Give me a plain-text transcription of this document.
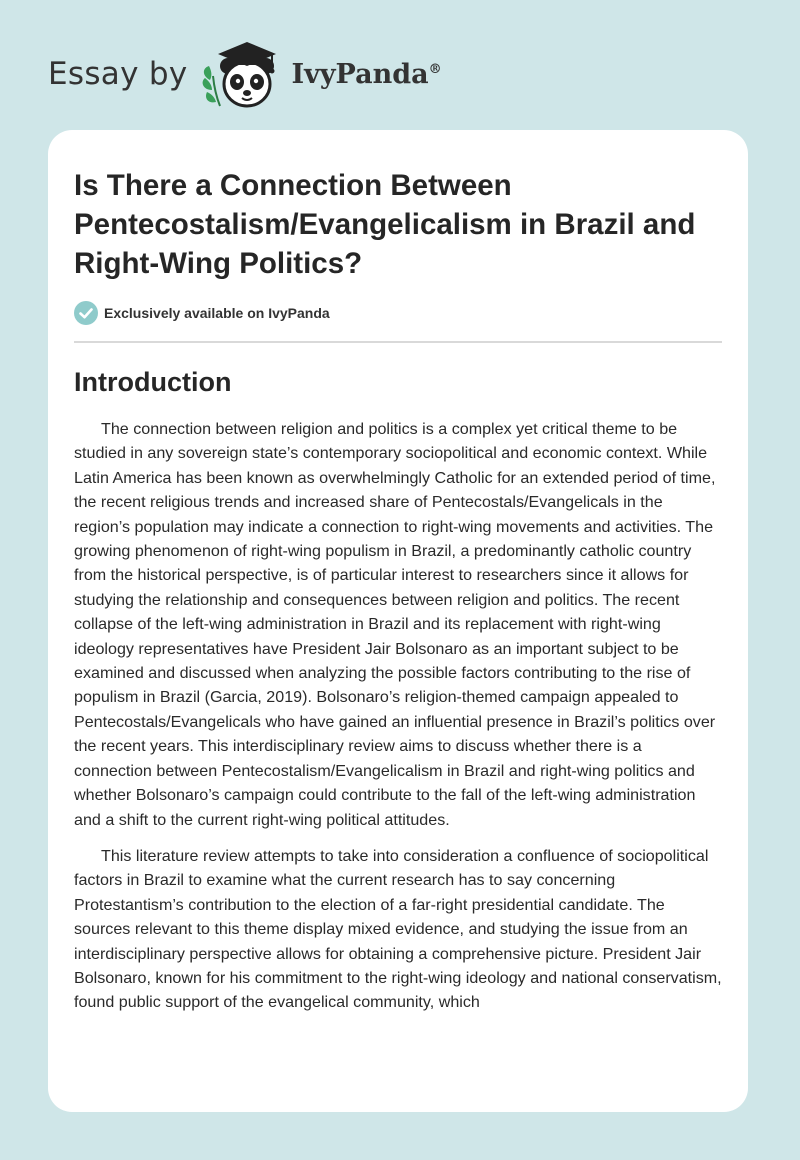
Essay by	IvyPanda®
Is There a Connection Between Pentecostalism/Evangelicalism in Brazil and Right-Wing Politics?
Exclusively available on IvyPanda
Introduction

The connection between religion and politics is a complex yet critical theme to be studied in any sovereign state’s contemporary sociopolitical and economic context. While Latin America has been known as overwhelmingly Catholic for an extended period of time, the recent religious trends and increased share of Pentecostals/Evangelicals in the region’s population may indicate a connection to right-wing movements and activities. The growing phenomenon of right-wing populism in Brazil, a predominantly catholic country from the historical perspective, is of particular interest to researchers since it allows for studying the relationship and consequences between religion and politics. The recent collapse of the left-wing administration in Brazil and its replacement with right-wing ideology representatives have President Jair Bolsonaro as an important subject to be examined and discussed when analyzing the possible factors contributing to the rise of populism in Brazil (Garcia, 2019). Bolsonaro’s religion-themed campaign appealed to Pentecostals/Evangelicals who have gained an influential presence in Brazil’s politics over the recent years. This interdisciplinary review aims to discuss whether there is a connection between Pentecostalism/Evangelicalism in Brazil and right-wing politics and whether Bolsonaro’s campaign could contribute to the fall of the left-wing administration and a shift to the current right-wing political attitudes.

This literature review attempts to take into consideration a confluence of sociopolitical factors in Brazil to examine what the current research has to say concerning Protestantism’s contribution to the election of a far-right presidential candidate. The sources relevant to this theme display mixed evidence, and studying the issue from an interdisciplinary perspective allows for obtaining a comprehensive picture. President Jair Bolsonaro, known for his commitment to the right-wing ideology and national conservatism, found public support of the evangelical community, which
